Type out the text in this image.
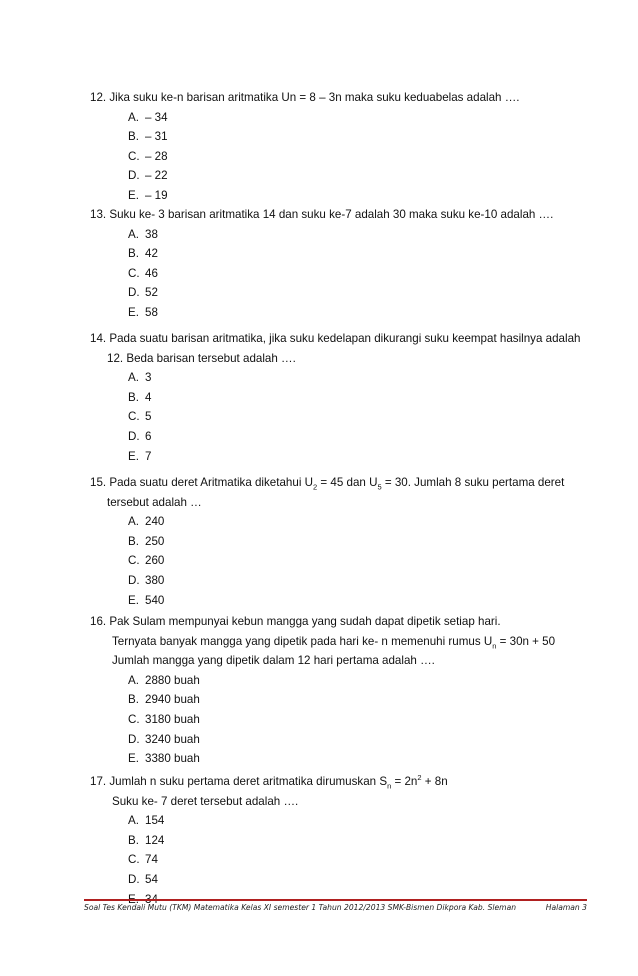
12. Jika suku ke-n barisan aritmatika Un = 8 – 3n maka suku keduabelas adalah ….
A. – 34
B. – 31
C. – 28
D. – 22
E. – 19
13. Suku ke- 3 barisan aritmatika 14 dan suku ke-7 adalah 30 maka suku ke-10 adalah ….
A. 38
B. 42
C. 46
D. 52
E. 58
14. Pada suatu barisan aritmatika, jika suku kedelapan dikurangi suku keempat hasilnya adalah
12. Beda barisan tersebut adalah ….
A. 3
B. 4
C. 5
D. 6
E. 7
15. Pada suatu deret Aritmatika diketahui $U_2 = 45$ dan $U_5 = 30$. Jumlah 8 suku pertama deret
tersebut adalah …
A. 240
B. 250
C. 260
D. 380
E. 540
16. Pak Sulam mempunyai kebun mangga yang sudah dapat dipetik setiap hari.
Ternyata banyak mangga yang dipetik pada hari ke- n memenuhi rumus $U_n = 30n + 50$
Jumlah mangga yang dipetik dalam 12 hari pertama adalah ….
A. 2880 buah
B. 2940 buah
C. 3180 buah
D. 3240 buah
E. 3380 buah
17. Jumlah n suku pertama deret aritmatika dirumuskan $S_n = 2n^2 + 8n$
Suku ke- 7 deret tersebut adalah ….
A. 154
B. 124
C. 74
D. 54
E. 34
Soal Tes Kendali Mutu (TKM) Matematika Kelas XI semester 1 Tahun 2012/2013 SMK-Bismen Dikpora Kab. Sleman	Halaman 3
